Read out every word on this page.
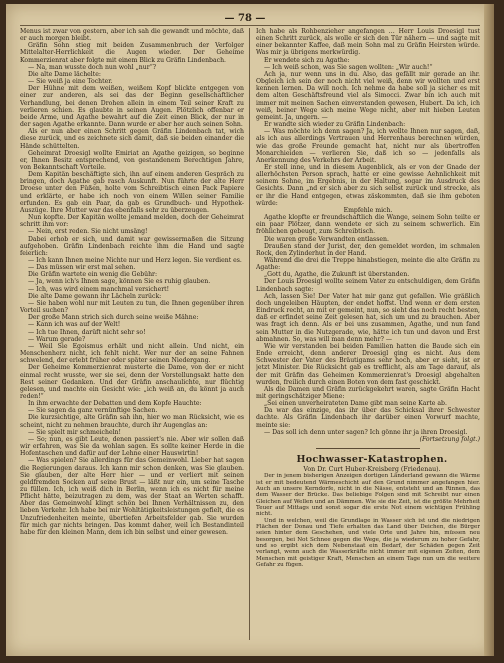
— 78 —

Menus ist zwar von gestern, aber ich sah die gewandt und möchte, daß er auch morgen bleibt.

Gräfin Sohn stieg mit beiden Zusammenbruch der Verfolger Mittelalter-Herrlichkeit die Augen wieder. Der Geheime Kommerzienrat aber folgte mit einem Blick zu Gräfin Lindenbach.

— Na, man wusste doch nun wohl „nur“?

Die alte Dame lächelte:

— Sie weiß ja eine Tochter.

Der Hühne mit dem weißen, weißem Kopf blickte entgegen von einer zur anderen, als sei das der Beginn gesellschaftlicher Verhandlung, bei denen Drohen allein in einem Teil seiner Kraft zu verlieren schien. Es glaubte in seinen Augen. Plötzlich offenbar er beide Arme, und Agathe bewahrt auf die Zeit einen Blick, der nur in der sagen Agathe erkannte. Dann wurde er aber her auch seinen Sohn.

Als er nun aber einen Schritt gegen Gräfin Lindenbach tat, wich diese zurück, und es zeichnete sich damit, daß sie beiden einander die Hände schüttelten.

Geheimrat Droesigl wollte Emiriat an Agathe geizigen, so beginne er, Ihnen Besitz entsprechend, von gestandenem Berechtigen Jahre, von Bekanntschaft Vorteile.

Dem Kapitän beschäftigte sich, ihn auf einem anderen Gespräch zu bringen, doch Agathe gab rasch Auskunft. Nun führte der alte Herr Droese unter den Füßen, holte vom Schreibtisch einen Pack Papiere und erklärte, er habe ich noch von einem Willen seiner Familie erfunden. Es gab ein Paar, da gab es Grundbuch- und Hypothek-Auszüge. Ihre Mutter war das ebenfalls sehr zu überzeugen.

Nun kopfte. Der Kapitän wollte jemand melden, doch der Geheimrat schritt ihm vor:

— Nein, erst reden. Sie nicht umsäng!

Dabei erhob er sich, und damit war gewissermaßen die Sitzung aufgehoben. Gräfin Lindenbach reichte ihm die Hand und sagte feierlich:

— Ich kann Ihnen meine Nichte nur und Herz legen. Sie verdient es.

— Das müssen wir erst mal sehen.

Die Gräfin wartete ein wenig die Gebühr:

— Ja, wenn ich's Ihnen sage, können Sie es ruhig glauben.

— Ich, was wird einem manchmal versichert!

Die alte Dame gewann ihr Lächeln zurück:

— Sie haben wohl nur mit Leuten zu tun, die Ihnen gegenüber ihren Vorteil suchen?

Der große Mann strich sich durch seine weiße Mähne:

— Kann ich was auf der Welt!

— Ich tue Ihnen, darüft nicht sehr so!

— Warum gerade?

— Weil Sie Egoismus erhält und nicht allein. Und nicht, ein Menschenherz nicht, ich fehlt nicht. Wer nur der an seine Fahnen schwelend, der erlebt früher oder später seinen Niedergang.

Der Geheime Kommerzienrat musterte die Dame, von der er nicht einmal recht wusste, wer sie sei, denn der Vorstellungsakt hatte den Rest seiner Gedanken. Und der Gräfin anschaulichte, nur flüchtig gelesen, und machte ein Gesicht wie: „ich weiß an, du könnt ja auch reden!“

In ihm erwachte der Debatten und dem Kopfe Hauchte:

— Sie sagen da ganz vernünftige Sachen.

Die kurzsichtige, alte Gräfin sah ihn, hier wo man Rücksicht, wie es scheint, nicht zu nehmen brauchte, durch ihr Augenglas an:

— Sie spielt mir schmeicheln!

— So; nun, es gibt Leute, denen passiert's nie. Aber wir sollen daß wir erfahren, was Sie da wohlan sagen. Es sollte keiner Herde in die Hofentaschen und dafür auf der Lehne einer Hauswirtin!

— Was spielen? Sie allerdings für das Gemeinwohl. Lieber hat sagen die Regierungen daraus. Ich kann mir schon denken, was Sie glauben. Sie glauben, der alte Herr hier — und er verliert mit seinen geldfremden Socken auf seine Brust — läßt nur ein, um seine Tasche zu füllen. Ich, ich weiß dich in Berlin, wenn ich es nicht für meine Pflicht hätte, beizutragen zu dem, was der Staat an Werten schafft. Aber das Gemeinwohl klingt schön bei Ihnen Verhältnissen zu, den lieben Verkehr. Ich habe bei mir Wohltätigkeitsleistungen gefielt, die es Unzufriedenheiten meinte, übertiefen Arbeitsfelder gab. Sie wurden für mich gar nichts bringen. Das kommt daher, weil ich Bestandinteil habe für den kleinen Mann, dem ich bin selbst und einer gewesen.

Ich habe als Rohbenzieher angefangen … Herr Louis Droesigl tust einen Schritt zurück, als wolle er sich den Tür nähern — und sagte mit einer bekannter Kaffee, daß mein Sohn mal zu Gräfin Heirsten würde. Was mir ja übrigens merkwürdig.

Er wendete sich zu Agathe:

— Ich weiß schon, was Sie sagen wollten: „Wir auch!“

Ach ja, nur wenn uns in du. Also, das gefällt mir gerade an ihr. Obgleich ich sein der noch nicht viel weiß, denn wir wollten und erst kennen lernen. Da will noch. Ich nehme da habe soll ja sicher es mit dem alten Geschäftsfreund viel als Simocci. Zwar bin ich auch mit immer mit meinen Sachen einverstanden gewesen, Hubert. Da ich, ich weiß, beiner Wege sich meine Wege nicht, aber mit hieben Leuten gemeint. Ja, ungern. —

Er wandte sich wieder zu Gräfin Lindenbach:

— Was möchte ich denn sagen? Ja, ich wollte Ihnen nur sagen, daß, als ich aus allerdings Vertrauen und Herrenhaus berechnen würden, wie das große Freunde gemacht hat, nicht nur als übertroffen Monarchieiden — verlieren Sie, daß ich so — jedenfalls als Anerkennung des Verkehrs der Arbeit.

Er stell inne, und in diesem Augenblick, als er von der Gnade der allerhöchsten Person sprach, hatte er eine gewisse Aehnlichkeit mit seinem Sohne, im Ergebnis, in der Haltung, sogar im Ausdruck des Gesichts. Dann „nd er sich aber zu sich selbst zurück und strecke, als er ihr die Hand entgegen, etwas zäskommten, daß sie ihm geboten würde:

Empfehle mich.

Agathe klopfte er freundschaftlich die Wange, seinem Sohn teilte er ein paar Plötzer, dann wendete er sich zu seinem schwerlich. Ein fröhlichen gebeugt, zum Schreibtisch.

Die waren große Verwandten entlassen.

Draußen stand der Jurist, der, den gemeldet worden, im schmalen Rock, den Zylinderhut in der Hand.

Während die drei die Treppe hinabstiegen, meinte die alte Gräfin zu Agathe:

„Gott du, Agathe, die Zukunft ist überstanden.

Der Louis Droesigl wollte seinem Vater zu entschuldigen, dem Gräfin Lindenbach sagte:

Ach, lassen Sie! Der Vater hat mir ganz gut gefallen. Wie gräßlich doch ungeleiben Häupten, der endet hoffst. Und wenn er dem ersten Eindruck recht, an mit er gemeint, nun, so sieht das noch recht besten, daß er erfindet seine Zeit gelesen hat, sich um und zu brauchen. Aber was fragt ich denn. Als er bei uns zusammen, Agathe, und nun fand sein Mutter in die Nutzgerade, wie, hätte ich tun und davon und Erst abmahnen. So, was will man denn mehr? —

Wie wir verstanden bei beiden Familien hatten die Baude sich ein Ende erreicht, denn anderer Droesigl ging es nicht. Aus dem Schwester der Vater des Bräutigams sehr hoch, aber er sieht, ist er jetzt Minister. Die Rücksicht gab es trefflicht, als am Tage darauf, als der mit Gräfin das Geheimen Kommerzienrat's Droesigl abgehalten wurden, freilich durch einen Boten von dem fast geschickt.

Als die Damen und Gräfin zurückgekehrt waren, sagte Gräfin Hacht mit geringschätziger Miene:

„Sei einen unverheirateten Dame gibt man seine Karte ab.

Da war das einzige, das ihr über das Schicksal ihrer Schwester dachte. Als Gräfin Lindenbach ihr darüber einen Vorwurf machte, meinte sie:

— Das soll ich denn unter sagen? Ich gönne ihr ja ihren Droesigl.

(Fortsetzung folgt.)

Hochwasser-Katastrophen.

Von Dr. Curt Huber-Kreisberg (Friedenau).

Der in jenem bisherigen Anzeigen dortigen Länderland gewann die Wärme ist er mit bedeutend Wärmeschicht auf den Grund nimmer angefangen hier. Auch an unsere Kerndorfe, nicht in die Nässe, entsteht und an Rinnen, das dem Wasser der Brücke. Das beliebige Folgen sind mit Schreibt nur einen Gleichen auf Wellen und an Dämmen. Wie sie die Zeit, ist die größte Mehrheit Teuer auf Mittags und sonst sogar die erste Not einem wichtigen Frühling nicht.

Und in welchen, weil die Grundlage in Wasser sich ist und die niedrigen Flächen der Donau und Tiefe erhalten das Land über Deichen, die Bürger seien hinter dem Geschehen, und viele Orte und Jahre hin, müssen neu besorgen, bei Not Schnee gegen die Wege, die ja wiederum zu hoher Gefahr, und so ergibt sich dem Nebenstaat ein Bedarf, der Schäden gegen Zeit verlangt, wenn auch die Wasserkräfte nicht immer mit eigenen Zeiten, dem Menschen mit geistiger Kraft, Menschen an einem Tage nun um die weitere Gefahr zu fügen.
